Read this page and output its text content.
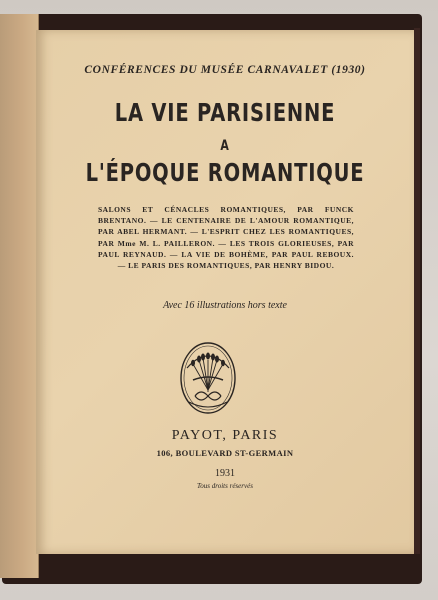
CONFÉRENCES DU MUSÉE CARNAVALET (1930)
LA VIE PARISIENNE
A
L'ÉPOQUE ROMANTIQUE
SALONS ET CÉNACLES ROMANTIQUES, PAR FUNCK BRENTANO. — LE CENTENAIRE DE L'AMOUR ROMANTIQUE, PAR ABEL HERMANT. — L'ESPRIT CHEZ LES ROMANTIQUES, PAR Mme M. L. PAILLERON. — LES TROIS GLORIEUSES, PAR PAUL REYNAUD. — LA VIE DE BOHÈME, PAR PAUL REBOUX. — LE PARIS DES ROMANTIQUES, PAR HENRY BIDOU.
Avec 16 illustrations hors texte
PAYOT, PARIS
106, BOULEVARD ST-GERMAIN
1931
Tous droits réservés
